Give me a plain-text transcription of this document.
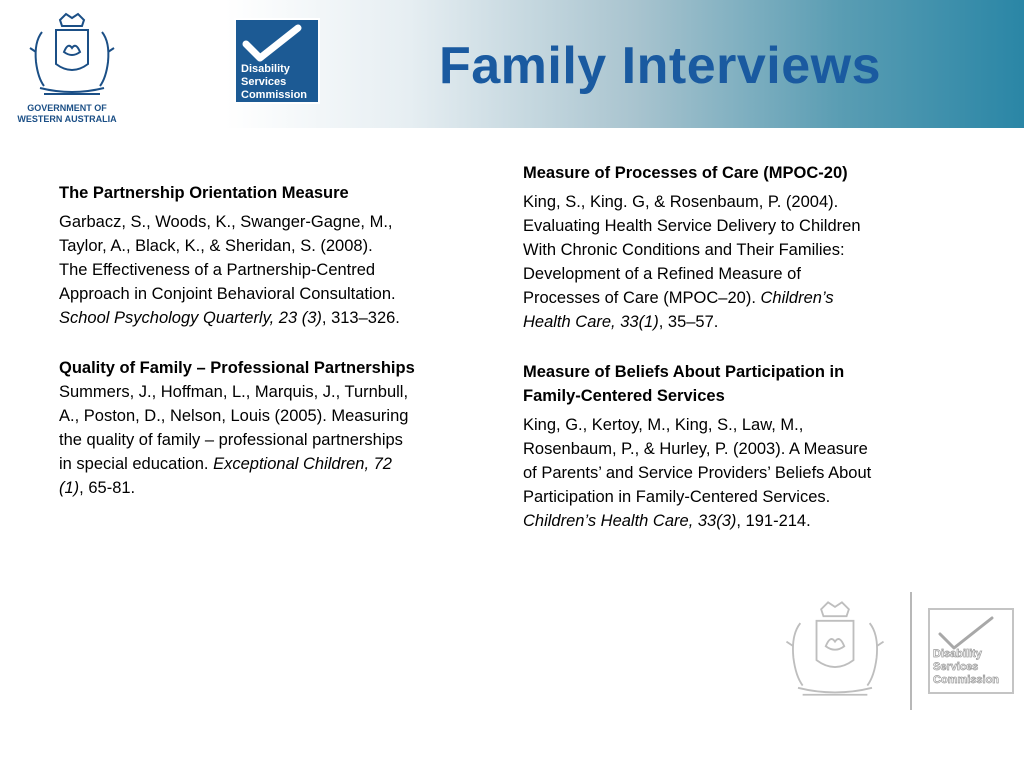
GOVERNMENT OF
WESTERN AUSTRALIA
Disability
Services
Commission	Family Interviews
The Partnership Orientation Measure
Garbacz, S., Woods, K., Swanger-Gagne, M.,
Taylor, A., Black, K., & Sheridan, S. (2008).
The Effectiveness of a Partnership-Centred
Approach in Conjoint Behavioral Consultation.
School Psychology Quarterly, 23 (3), 313–326.
Quality of Family – Professional Partnerships
Summers, J., Hoffman, L., Marquis, J., Turnbull,
A., Poston, D., Nelson, Louis (2005). Measuring
the quality of family – professional partnerships
in special education. Exceptional Children, 72
(1), 65-81.
Measure of Processes of Care (MPOC-20)
King, S., King. G, & Rosenbaum, P. (2004).
Evaluating Health Service Delivery to Children
With Chronic Conditions and Their Families:
Development of a Refined Measure of
Processes of Care (MPOC–20). Children’s
Health Care, 33(1), 35–57.
Measure of Beliefs About Participation in
Family-Centered Services
King, G., Kertoy, M., King, S., Law, M.,
Rosenbaum, P., & Hurley, P. (2003). A Measure
of Parents’ and Service Providers’ Beliefs About
Participation in Family-Centered Services.
Children’s Health Care, 33(3), 191-214.
Disability
Services
Commission
